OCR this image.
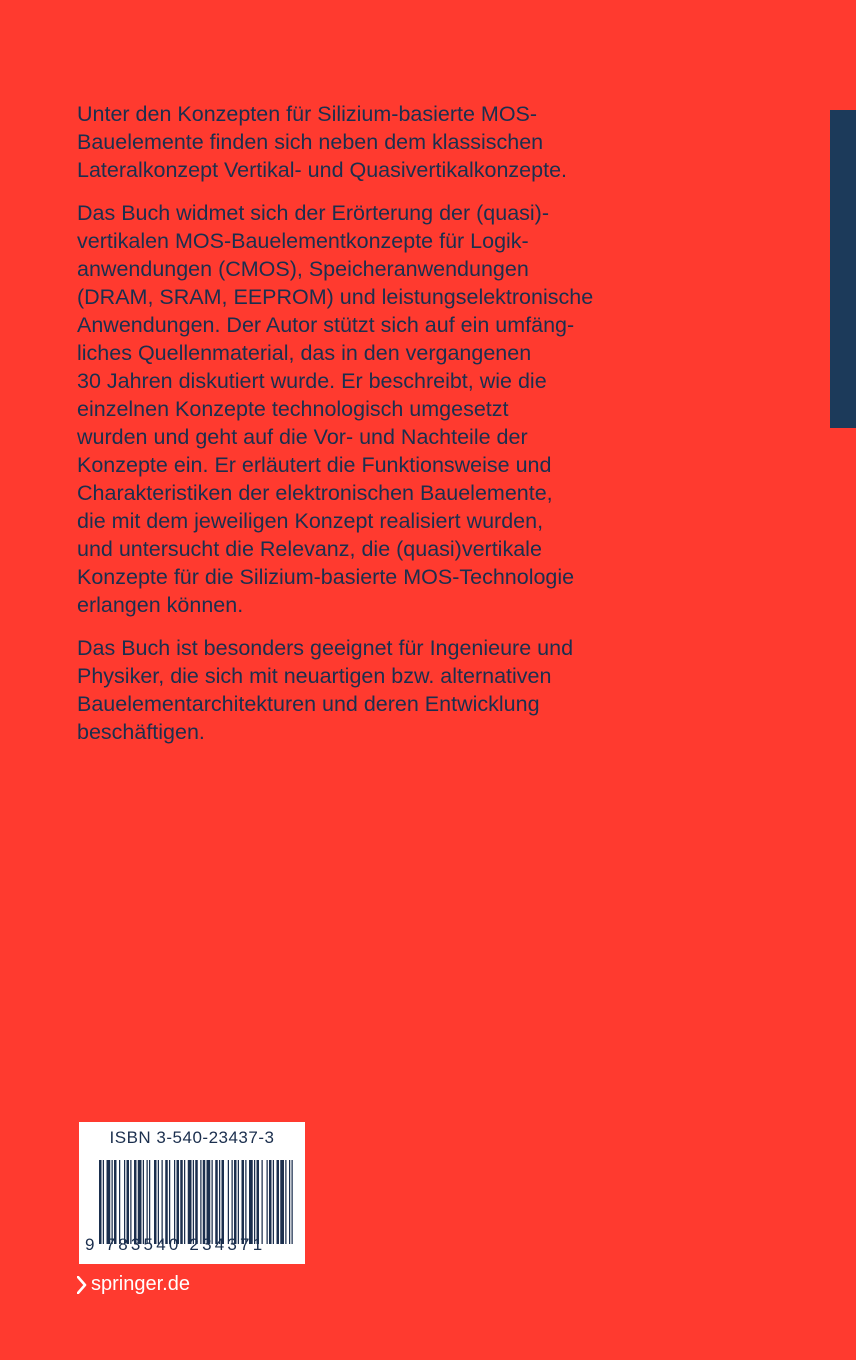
Unter den Konzepten für Silizium-basierte MOS-
Bauelemente finden sich neben dem klassischen
Lateralkonzept Vertikal- und Quasivertikalkonzepte.

Das Buch widmet sich der Erörterung der (quasi)-
vertikalen MOS-Bauelementkonzepte für Logik-
anwendungen (CMOS), Speicheranwendungen
(DRAM, SRAM, EEPROM) und leistungselektronische
Anwendungen. Der Autor stützt sich auf ein umfäng-
liches Quellenmaterial, das in den vergangenen
30 Jahren diskutiert wurde. Er beschreibt, wie die
einzelnen Konzepte technologisch umgesetzt
wurden und geht auf die Vor- und Nachteile der
Konzepte ein. Er erläutert die Funktionsweise und
Charakteristiken der elektronischen Bauelemente,
die mit dem jeweiligen Konzept realisiert wurden,
und untersucht die Relevanz, die (quasi)vertikale
Konzepte für die Silizium-basierte MOS-Technologie
erlangen können.

Das Buch ist besonders geeignet für Ingenieure und
Physiker, die sich mit neuartigen bzw. alternativen
Bauelementarchitekturen und deren Entwicklung
beschäftigen.

ISBN 3-540-23437-3
9 783540 234371
springer.de
